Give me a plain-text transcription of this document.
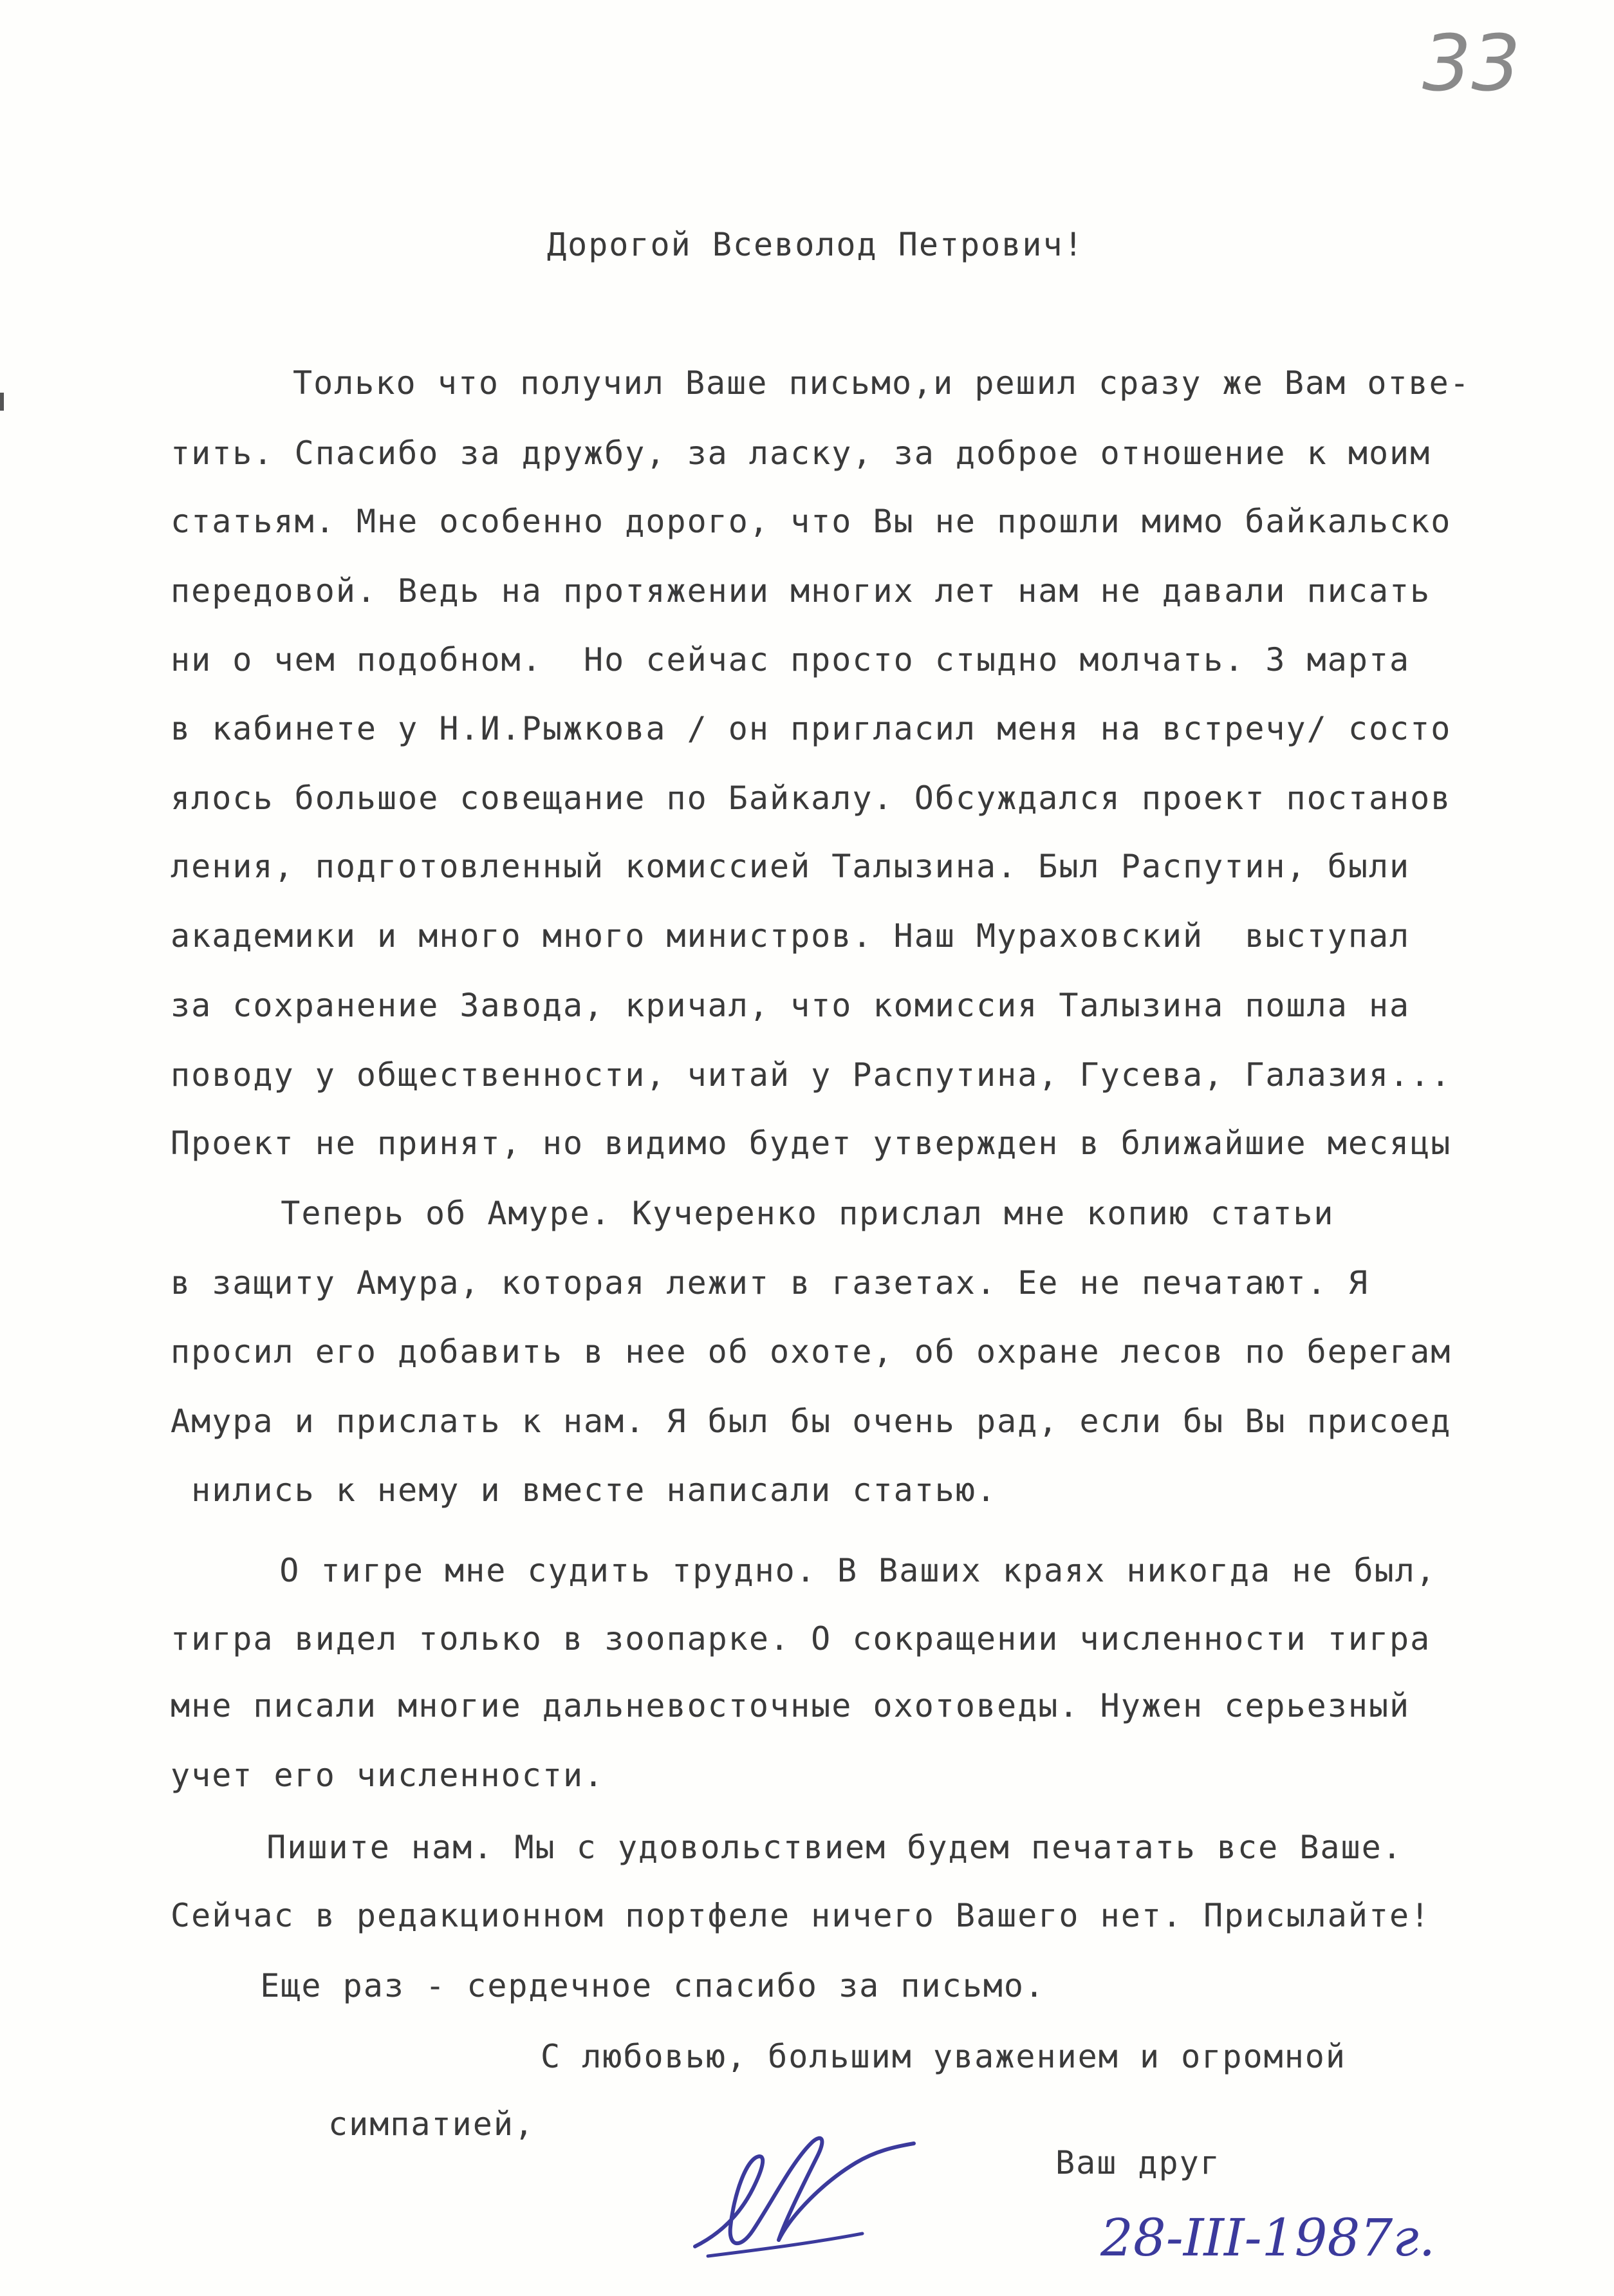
33
Дорогой Всеволод Петрович!
Только что получил Ваше письмо,и решил сразу же Вам отве-
тить. Спасибо за дружбу, за ласку, за доброе отношение к моим
статьям. Мне особенно дорого, что Вы не прошли мимо байкальско
передовой. Ведь на протяжении многих лет нам не давали писать
ни о чем подобном.  Но сейчас просто стыдно молчать. 3 марта
в кабинете у Н.И.Рыжкова / он пригласил меня на встречу/ состо
ялось большое совещание по Байкалу. Обсуждался проект постанов
ления, подготовленный комиссией Талызина. Был Распутин, были
академики и много много министров. Наш Мураховский  выступал
за сохранение Завода, кричал, что комиссия Талызина пошла на
поводу у общественности, читай у Распутина, Гусева, Галазия...
Проект не принят, но видимо будет утвержден в ближайшие месяцы
Теперь об Амуре. Кучеренко прислал мне копию статьи
в защиту Амура, которая лежит в газетах. Ее не печатают. Я
просил его добавить в нее об охоте, об охране лесов по берегам
Амура и прислать к нам. Я был бы очень рад, если бы Вы присоед
нились к нему и вместе написали статью.
О тигре мне судить трудно. В Ваших краях никогда не был,
тигра видел только в зоопарке. О сокращении численности тигра
мне писали многие дальневосточные охотоведы. Нужен серьезный
учет его численности.
Пишите нам. Мы с удовольствием будем печатать все Ваше.
Сейчас в редакционном портфеле ничего Вашего нет. Присылайте!
Еще раз - сердечное спасибо за письмо.
С любовью, большим уважением и огромной
симпатией,
Ваш друг
28-III-1987г.
